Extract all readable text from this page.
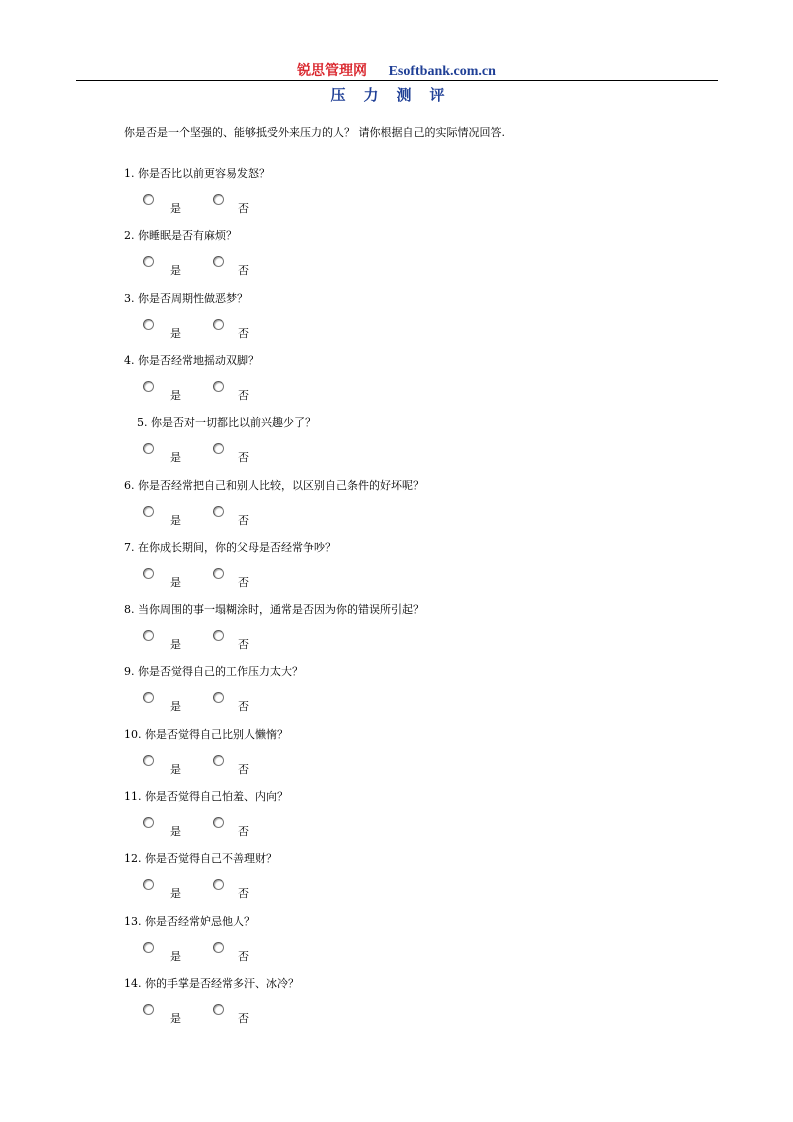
锐思管理网 Esoftbank.com.cn
压力测评
你是否是一个坚强的、能够抵受外来压力的人？ 请你根据自己的实际情况回答.
1. 你是否比以前更容易发怒？
是	否
2. 你睡眠是否有麻烦？
是	否
3. 你是否周期性做恶梦？
是	否
4. 你是否经常地摇动双脚？
是	否
5. 你是否对一切都比以前兴趣少了？
是	否
6. 你是否经常把自己和别人比较，以区别自己条件的好坏呢？
是	否
7. 在你成长期间，你的父母是否经常争吵？
是	否
8. 当你周围的事一塌糊涂时，通常是否因为你的错误所引起？
是	否
9. 你是否觉得自己的工作压力太大？
是	否
10. 你是否觉得自己比别人懒惰？
是	否
11. 你是否觉得自己怕羞、内向？
是	否
12. 你是否觉得自己不善理财？
是	否
13. 你是否经常妒忌他人？
是	否
14. 你的手掌是否经常多汗、冰冷？
是	否
